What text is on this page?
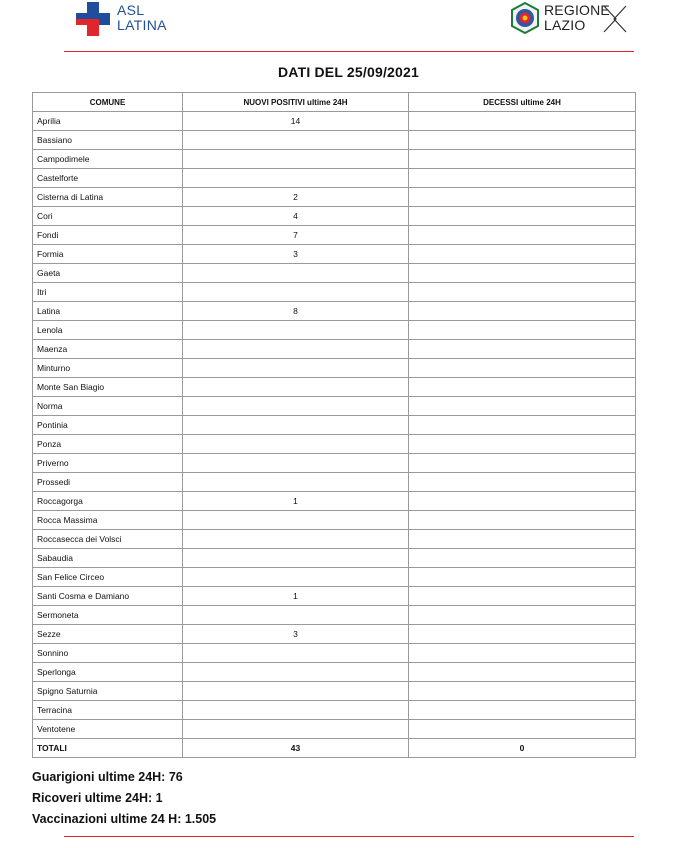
ASL
LATINA
REGIONE
LAZIO
DATI DEL 25/09/2021
COMUNE	NUOVI POSITIVI ultime 24H	DECESSI ultime 24H
Aprilia	14	
Bassiano		
Campodimele		
Castelforte		
Cisterna di Latina	2	
Cori	4	
Fondi	7	
Formia	3	
Gaeta		
Itri		
Latina	8	
Lenola		
Maenza		
Minturno		
Monte San Biagio		
Norma		
Pontinia		
Ponza		
Priverno		
Prossedi		
Roccagorga	1	
Rocca Massima		
Roccasecca dei Volsci		
Sabaudia		
San Felice Circeo		
Santi Cosma e Damiano	1	
Sermoneta		
Sezze	3	
Sonnino		
Sperlonga		
Spigno Saturnia		
Terracina		
Ventotene		
TOTALI	43	0
Guarigioni ultime 24H: 76
Ricoveri ultime 24H: 1
Vaccinazioni ultime 24 H: 1.505
